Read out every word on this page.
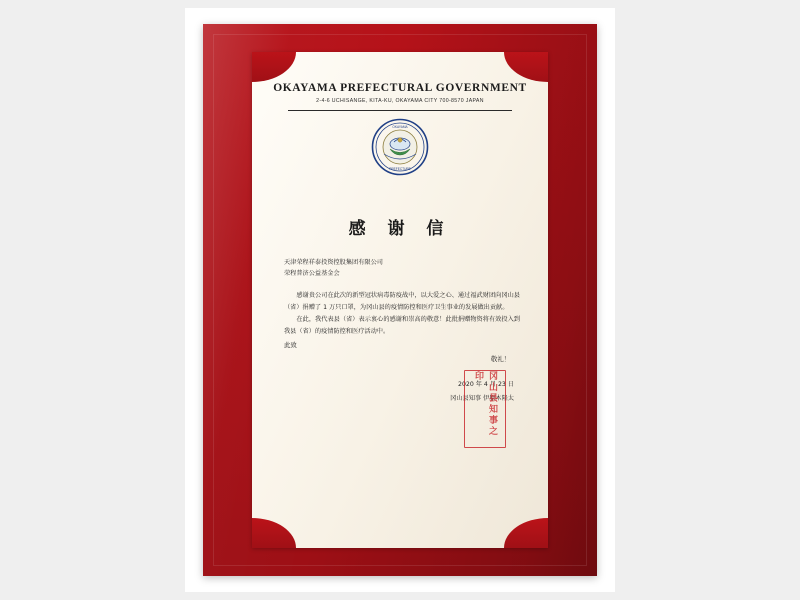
OKAYAMA PREFECTURAL GOVERNMENT
2-4-6 UCHISANGE, KITA-KU, OKAYAMA CITY 700-8570 JAPAN
OKAYAMA
PREFECTURE
感 谢 信
天津荣程祥泰投资控股集团有限公司
荣程普济公益基金会

感谢贵公司在此次的新型冠状病毒防疫战中，以大爱之心、通过福武财团向冈山县（省）捐赠了 1 万只口罩，为冈山县的疫情防控和医疗卫生事业的发展做出贡献。

在此，我代表县（省）表示衷心的感谢和崇高的敬意！此批捐赠物资将有效投入到我县（省）的疫情防控和医疗活动中。

此致
敬礼！
2020 年 4 月 23 日
冈山县知事 伊原木隆太
冈山县知事之印
